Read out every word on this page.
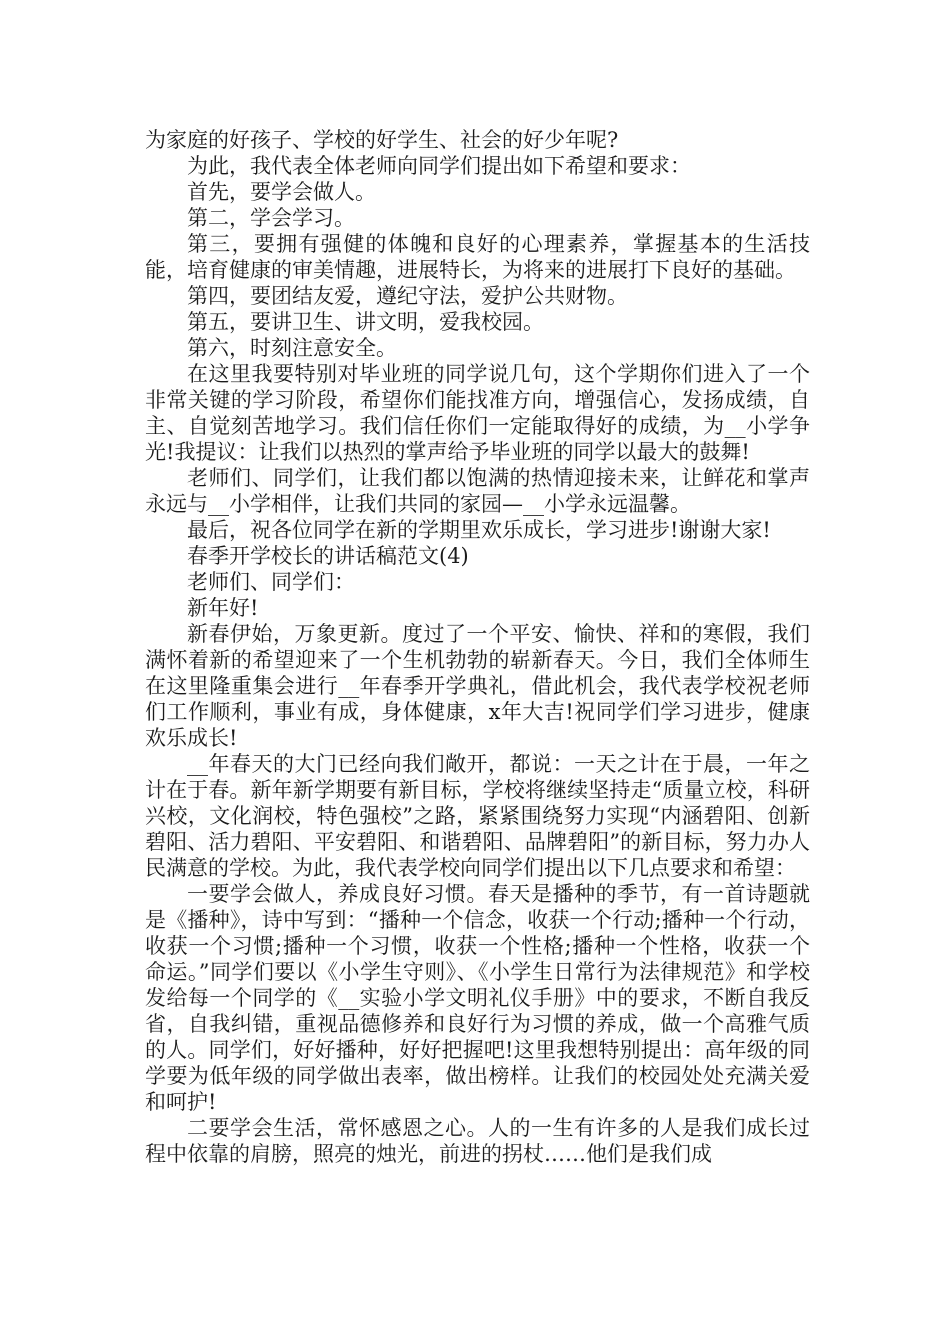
为家庭的好孩子、学校的好学生、社会的好少年呢?

为此，我代表全体老师向同学们提出如下希望和要求：

首先，要学会做人。

第二，学会学习。

第三，要拥有强健的体魄和良好的心理素养，掌握基本的生活技能，培育健康的审美情趣，进展特长，为将来的进展打下良好的基础。

第四，要团结友爱，遵纪守法，爱护公共财物。

第五，要讲卫生、讲文明，爱我校园。

第六，时刻注意安全。

在这里我要特别对毕业班的同学说几句，这个学期你们进入了一个非常关键的学习阶段，希望你们能找准方向，增强信心，发扬成绩，自主、自觉刻苦地学习。我们信任你们一定能取得好的成绩，为__小学争光!我提议：让我们以热烈的掌声给予毕业班的同学以最大的鼓舞!

老师们、同学们，让我们都以饱满的热情迎接未来，让鲜花和掌声永远与__小学相伴，让我们共同的家园—__小学永远温馨。

最后，祝各位同学在新的学期里欢乐成长，学习进步!谢谢大家!

春季开学校长的讲话稿范文(4)

老师们、同学们：

新年好!

新春伊始，万象更新。度过了一个平安、愉快、祥和的寒假，我们满怀着新的希望迎来了一个生机勃勃的崭新春天。今日，我们全体师生在这里隆重集会进行__年春季开学典礼，借此机会，我代表学校祝老师们工作顺利，事业有成，身体健康，x年大吉!祝同学们学习进步，健康欢乐成长!

__年春天的大门已经向我们敞开，都说：一天之计在于晨，一年之计在于春。新年新学期要有新目标，学校将继续坚持走“质量立校，科研兴校，文化润校，特色强校”之路，紧紧围绕努力实现“内涵碧阳、创新碧阳、活力碧阳、平安碧阳、和谐碧阳、品牌碧阳”的新目标，努力办人民满意的学校。为此，我代表学校向同学们提出以下几点要求和希望：

一要学会做人，养成良好习惯。春天是播种的季节，有一首诗题就是《播种》，诗中写到：“播种一个信念，收获一个行动;播种一个行动，收获一个习惯;播种一个习惯，收获一个性格;播种一个性格，收获一个命运。”同学们要以《小学生守则》、《小学生日常行为法律规范》和学校发给每一个同学的《__实验小学文明礼仪手册》中的要求，不断自我反省，自我纠错，重视品德修养和良好行为习惯的养成，做一个高雅气质的人。同学们，好好播种，好好把握吧!这里我想特别提出：高年级的同学要为低年级的同学做出表率，做出榜样。让我们的校园处处充满关爱和呵护!

二要学会生活，常怀感恩之心。人的一生有许多的人是我们成长过程中依靠的肩膀，照亮的烛光，前进的拐杖……他们是我们成
